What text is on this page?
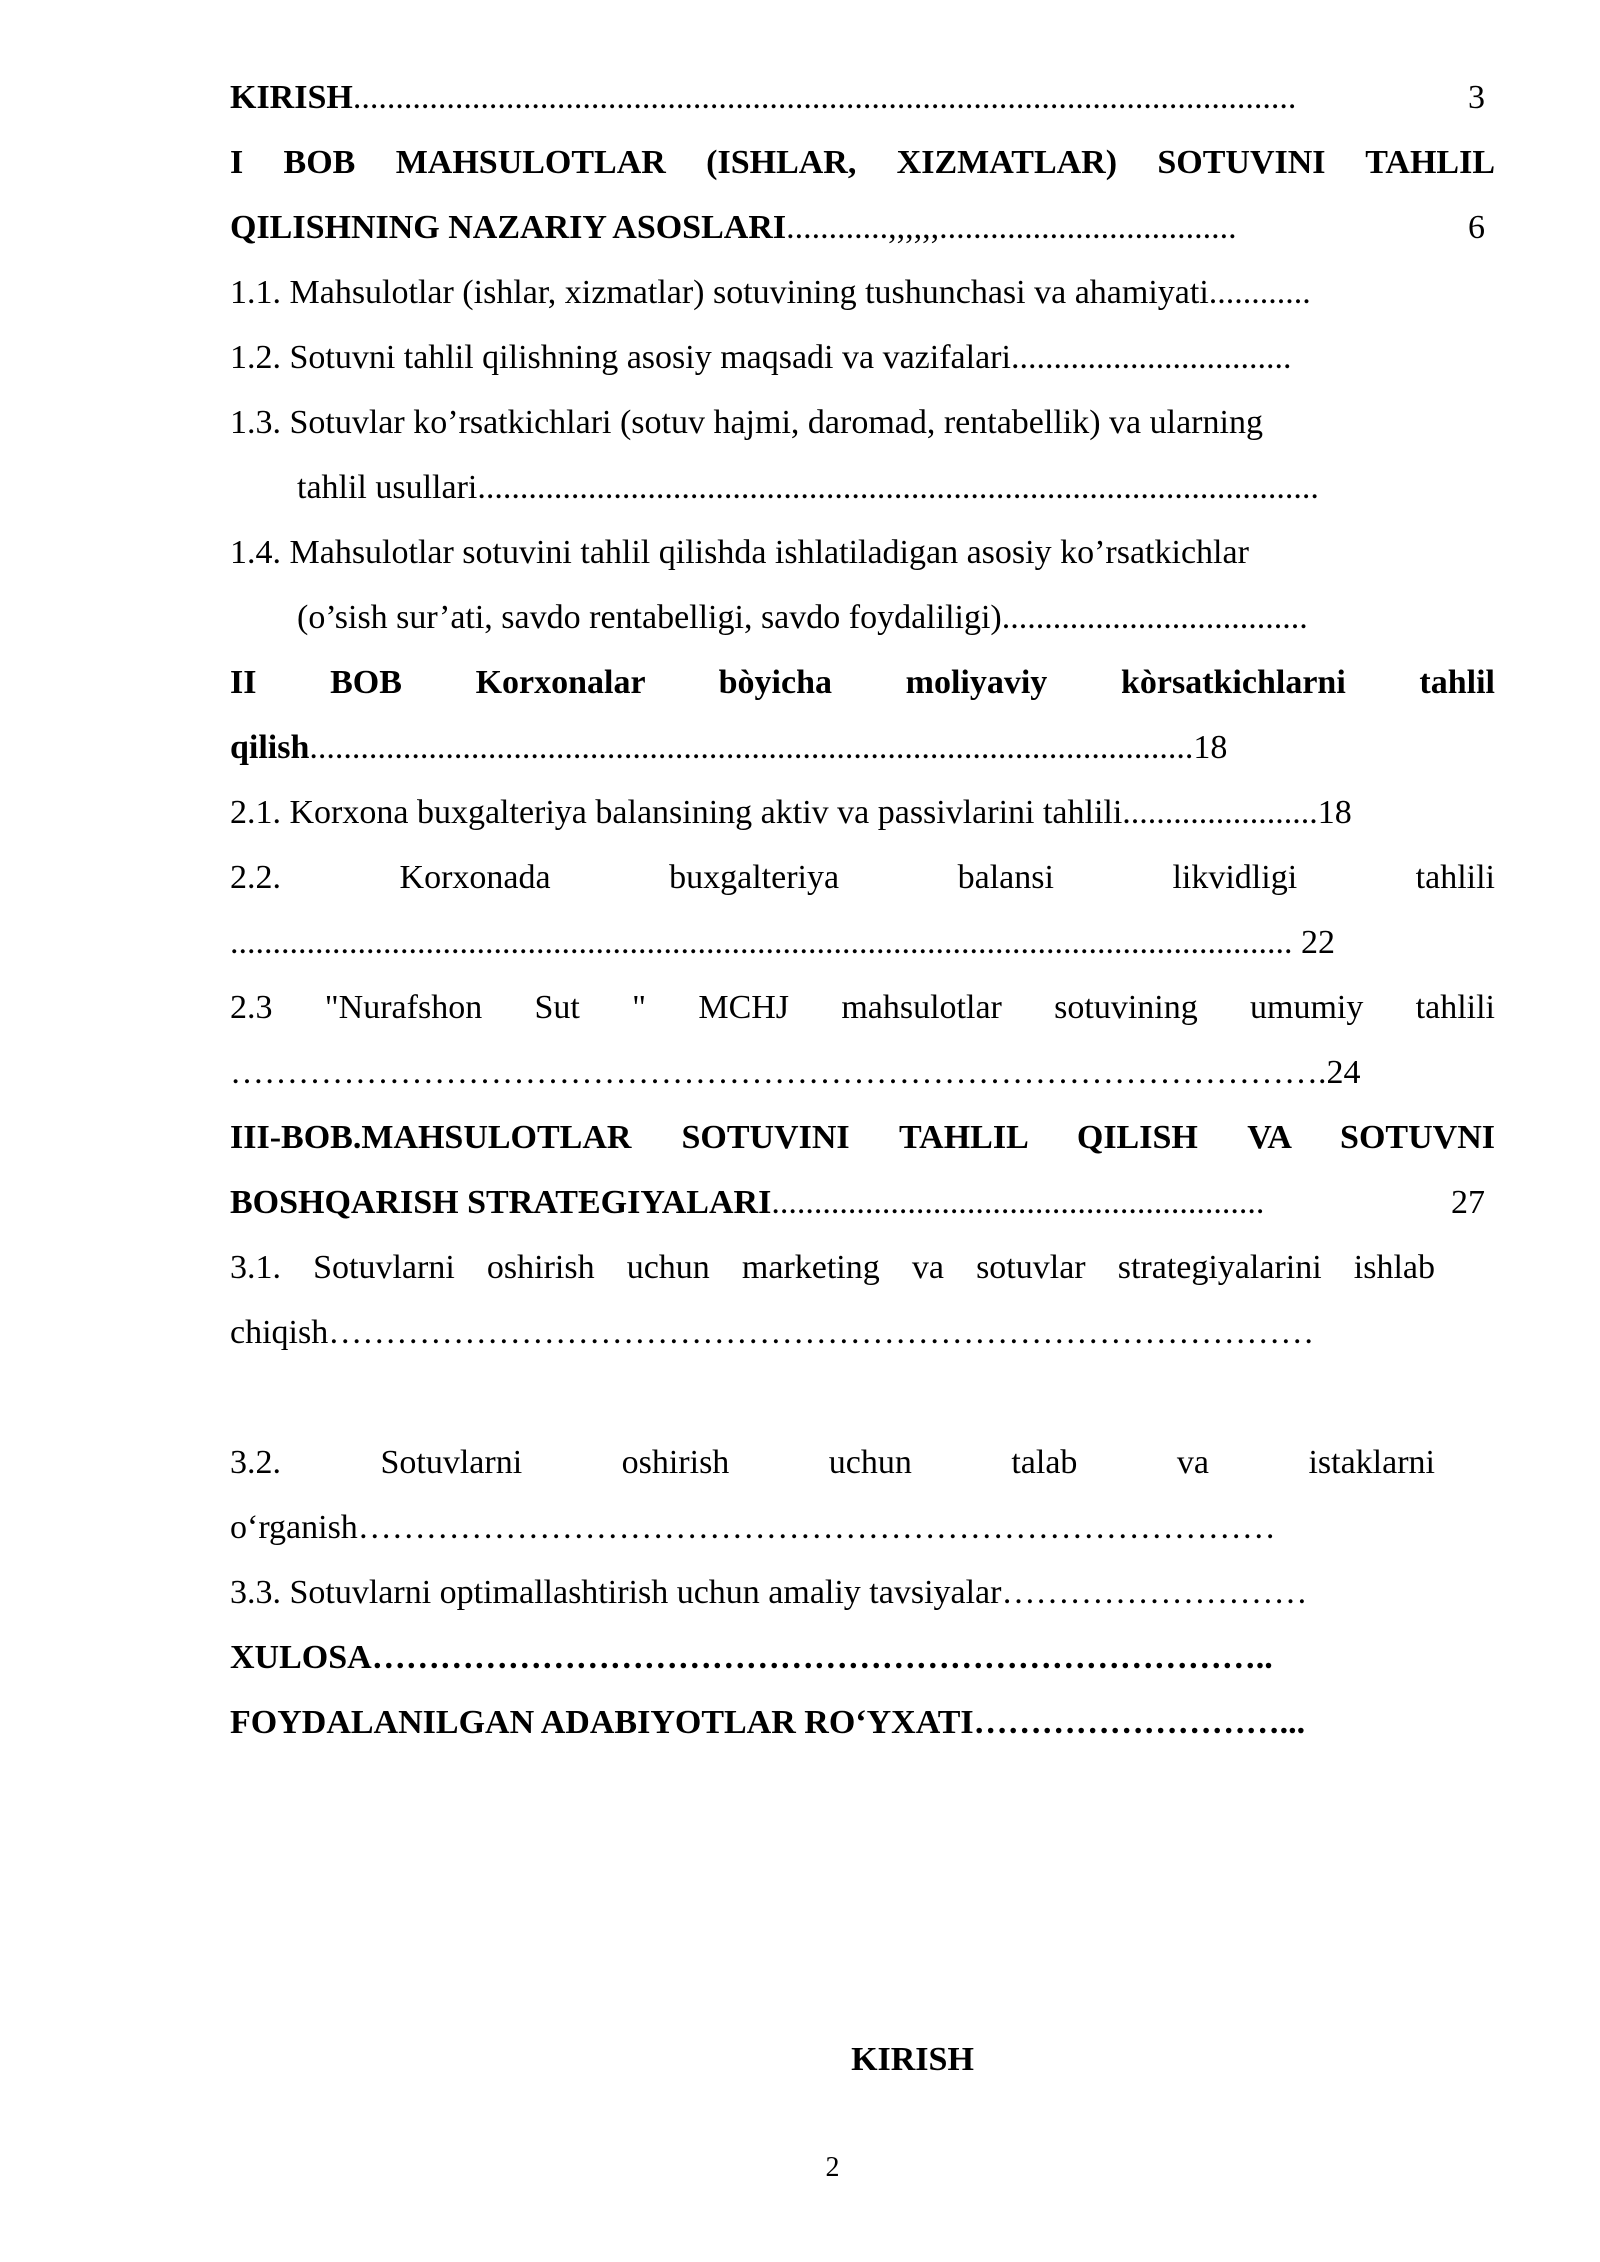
KIRISH...............................................................................................................	3
I BOB MAHSULOTLAR (ISHLAR, XIZMATLAR) SOTUVINI TAHLIL
QILISHNING NAZARIY ASOSLARI............,,,,,,...................................	6
1.1. Mahsulotlar (ishlar, xizmatlar) sotuvining tushunchasi va ahamiyati............
1.2. Sotuvni tahlil qilishning asosiy maqsadi va vazifalari.................................
1.3. Sotuvlar ko’rsatkichlari (sotuv hajmi, daromad, rentabellik) va ularning
tahlil usullari...................................................................................................
1.4. Mahsulotlar sotuvini tahlil qilishda ishlatiladigan asosiy ko’rsatkichlar
(o’sish sur’ati, savdo rentabelligi, savdo foydaliligi)....................................
II BOB Korxonalar bòyicha moliyaviy kòrsatkichlarni tahlil
qilish........................................................................................................18
2.1. Korxona buxgalteriya balansining aktiv va passivlarini tahlili.......................18
2.2. Korxonada buxgalteriya balansi likvidligi tahlili
............................................................................................................................. 22
2.3 "Nurafshon Sut " MCHJ mahsulotlar sotuvining umumiy tahlili
…………………………………………………………………………………….24
III-BOB.MAHSULOTLAR SOTUVINI TAHLIL QILISH VA SOTUVNI
BOSHQARISH STRATEGIYALARI..........................................................	27
3.1. Sotuvlarni oshirish uchun marketing va sotuvlar strategiyalarini ishlab
chiqish……………………………………………………………………………
3.2. Sotuvlarni oshirish uchun talab va istaklarni
o‘rganish………………………………………………………………………
3.3. Sotuvlarni optimallashtirish uchun amaliy tavsiyalar………………………
XULOSA……………………………………………………………………..
FOYDALANILGAN ADABIYOTLAR RO‘YXATI………………………...
KIRISH
2
